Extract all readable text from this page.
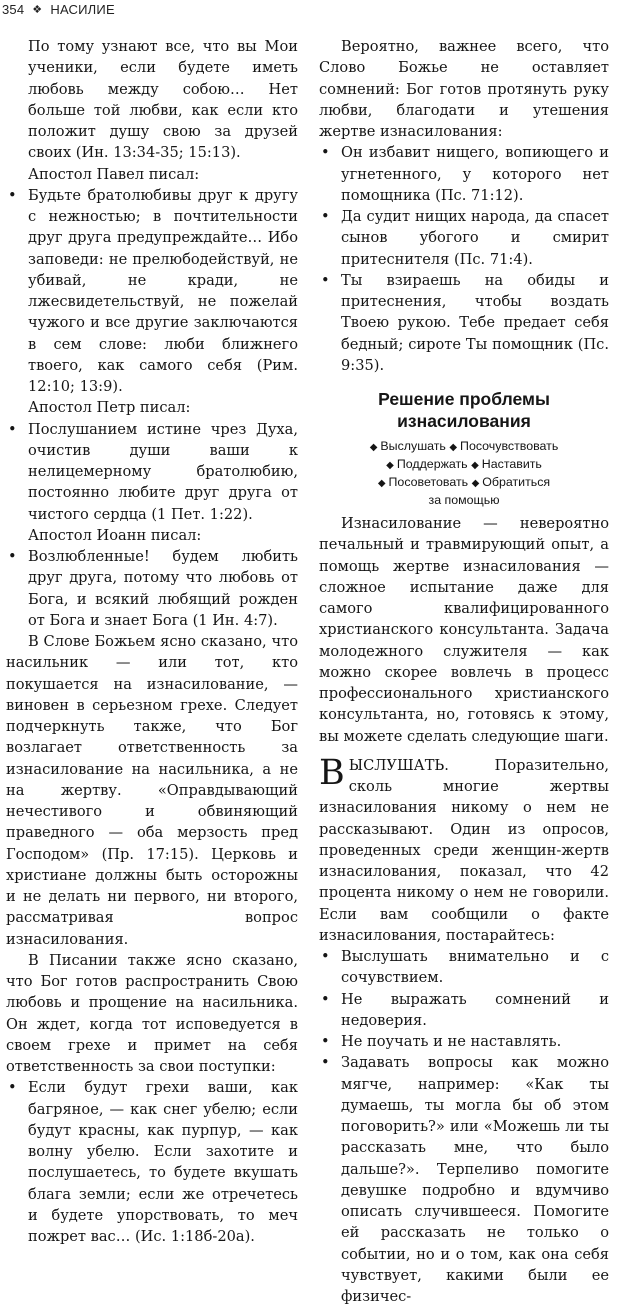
354 ❖ НАСИЛИЕ

По тому узнают все, что вы Мои ученики, если будете иметь любовь между собою… Нет больше той любви, как если кто положит душу свою за друзей своих (Ин. 13:34-35; 15:13).

Апостол Павел писал:

• Будьте братолюбивы друг к другу с нежностью; в почтительности друг друга предупреждайте… Ибо заповеди: не прелюбодействуй, не убивай, не кради, не лжесвидетельствуй, не пожелай чужого и все другие заключаются в сем слове: люби ближнего твоего, как самого себя (Рим. 12:10; 13:9).

Апостол Петр писал:

• Послушанием истине чрез Духа, очистив души ваши к нелицемерному братолюбию, постоянно любите друг друга от чистого сердца (1 Пет. 1:22).

Апостол Иоанн писал:

• Возлюбленные! будем любить друг друга, потому что любовь от Бога, и всякий любящий рожден от Бога и знает Бога (1 Ин. 4:7).

В Слове Божьем ясно сказано, что насильник — или тот, кто покушается на изнасилование, — виновен в серьезном грехе. Следует подчеркнуть также, что Бог возлагает ответственность за изнасилование на насильника, а не на жертву. «Оправдывающий нечестивого и обвиняющий праведного — оба мерзость пред Господом» (Пр. 17:15). Церковь и христиане должны быть осторожны и не делать ни первого, ни второго, рассматривая вопрос изнасилования.

В Писании также ясно сказано, что Бог готов распространить Свою любовь и прощение на насильника. Он ждет, когда тот исповедуется в своем грехе и примет на себя ответственность за свои поступки:

• Если будут грехи ваши, как багряное, — как снег убелю; если будут красны, как пурпур, — как волну убелю. Если захотите и послушаетесь, то будете вкушать блага земли; если же отречетесь и будете упорствовать, то меч пожрет вас… (Ис. 1:18б-20а).

Вероятно, важнее всего, что Слово Божье не оставляет сомнений: Бог готов протянуть руку любви, благодати и утешения жертве изнасилования:

• Он избавит нищего, вопиющего и угнетенного, у которого нет помощника (Пс. 71:12).
• Да судит нищих народа, да спасет сынов убогого и смирит притеснителя (Пс. 71:4).
• Ты взираешь на обиды и притеснения, чтобы воздать Твоею рукою. Тебе предает себя бедный; сироте Ты помощник (Пс. 9:35).
Решение проблемы изнасилования
◆ Выслушать ◆ Посочувствовать
◆ Поддержать ◆ Наставить
◆ Посоветовать ◆ Обратиться
за помощью

Изнасилование — невероятно печальный и травмирующий опыт, а помощь жертве изнасилования — сложное испытание даже для самого квалифицированного христианского консультанта. Задача молодежного служителя — как можно скорее вовлечь в процесс профессионального христианского консультанта, но, готовясь к этому, вы можете сделать следующие шаги.

ВЫСЛУШАТЬ.	Поразительно, сколь многие жертвы изнасилования никому о нем не рассказывают. Один из опросов, проведенных среди женщин-жертв изнасилования, показал, что 42 процента никому о нем не говорили. Если вам сообщили о факте изнасилования, постарайтесь:

• Выслушать внимательно и с сочувствием.
• Не выражать сомнений и недоверия.
• Не поучать и не наставлять.
• Задавать вопросы как можно мягче, например: «Как ты думаешь, ты могла бы об этом поговорить?» или «Можешь ли ты рассказать мне, что было дальше?». Терпеливо помогите девушке подробно и вдумчиво описать случившееся. Помогите ей рассказать не только о событии, но и о том, как она себя чувствует, какими были ее физичес-
